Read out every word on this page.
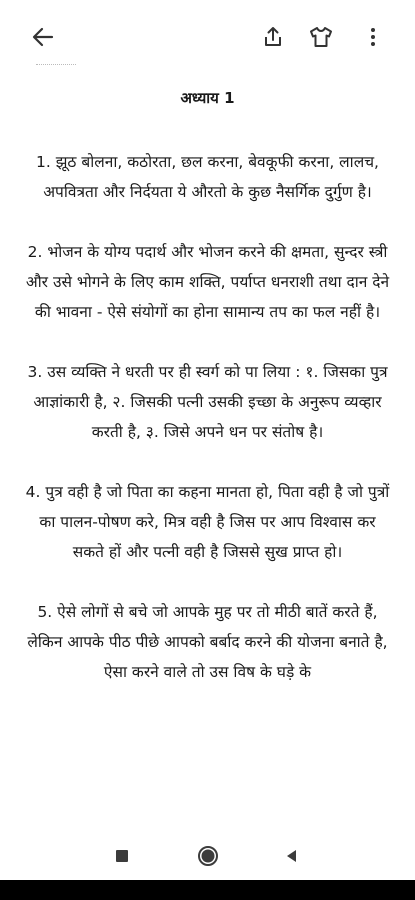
अध्याय 1

1. झूठ बोलना, कठोरता, छल करना, बेवकूफी करना, लालच, अपवित्रता और निर्दयता ये औरतो के कुछ नैसर्गिक दुर्गुण है।

2. भोजन के योग्य पदार्थ और भोजन करने की क्षमता, सुन्दर स्त्री और उसे भोगने के लिए काम शक्ति, पर्याप्त धनराशी तथा दान देने की भावना - ऐसे संयोगों का होना सामान्य तप का फल नहीं है।

3. उस व्यक्ति ने धरती पर ही स्वर्ग को पा लिया : १. जिसका पुत्र आज्ञांकारी है, २. जिसकी पत्नी उसकी इच्छा के अनुरूप व्यव्हार करती है, ३. जिसे अपने धन पर संतोष है।

4. पुत्र वही है जो पिता का कहना मानता हो, पिता वही है जो पुत्रों का पालन-पोषण करे, मित्र वही है जिस पर आप विश्वास कर सकते हों और पत्नी वही है जिससे सुख प्राप्त हो।

5. ऐसे लोगों से बचे जो आपके मुह पर तो मीठी बातें करते हैं, लेकिन आपके पीठ पीछे आपको बर्बाद करने की योजना बनाते है, ऐसा करने वाले तो उस विष के घड़े के
